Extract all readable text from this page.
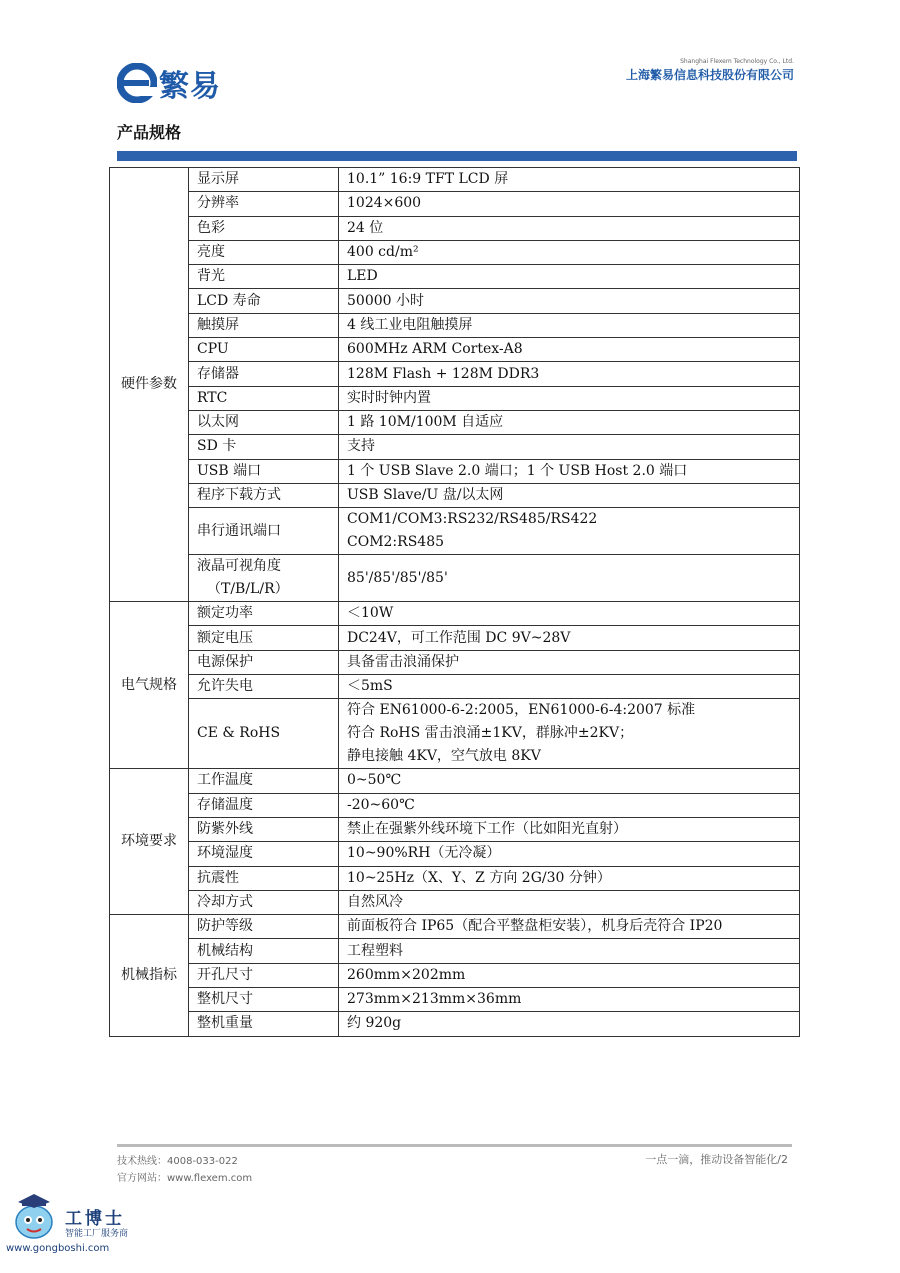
繁易
Shanghai Flexem Technology Co., Ltd.
上海繁易信息科技股份有限公司
产品规格
硬件参数	显示屏	10.1” 16:9 TFT LCD 屏

	分辨率	1024×600

	色彩	24 位

	亮度	400 cd/m²

	背光	LED

	LCD 寿命	50000 小时

	触摸屏	4 线工业电阻触摸屏

	CPU	600MHz ARM Cortex-A8

	存储器	128M Flash + 128M DDR3

	RTC	实时时钟内置

	以太网	1 路 10M/100M 自适应

	SD 卡	支持

	USB 端口	1 个 USB Slave 2.0 端口；1 个 USB Host 2.0 端口

	程序下载方式	USB Slave/U 盘/以太网

	串行通讯端口	COM1/COM3:RS232/RS485/RS422
COM2:RS485

	液晶可视角度
（T/B/L/R）	85'/85'/85'/85'

电气规格	额定功率	＜10W

	额定电压	DC24V，可工作范围 DC 9V~28V

	电源保护	具备雷击浪涌保护

	允许失电	＜5mS

	CE & RoHS	符合 EN61000-6-2:2005，EN61000-6-4:2007 标准
符合 RoHS 雷击浪涌±1KV，群脉冲±2KV；
静电接触 4KV，空气放电 8KV

环境要求	工作温度	0~50℃

	存储温度	-20~60℃

	防紫外线	禁止在强紫外线环境下工作（比如阳光直射）

	环境湿度	10~90%RH（无冷凝）

	抗震性	10~25Hz（X、Y、Z 方向 2G/30 分钟）

	冷却方式	自然风冷

机械指标	防护等级	前面板符合 IP65（配合平整盘柜安装），机身后壳符合 IP20

	机械结构	工程塑料

	开孔尺寸	260mm×202mm

	整机尺寸	273mm×213mm×36mm

	整机重量	约 920g
技术热线：4008-033-022
官方网站：www.flexem.com
一点一滴，推动设备智能化/2
工博士
智能工厂服务商
www.gongboshi.com
